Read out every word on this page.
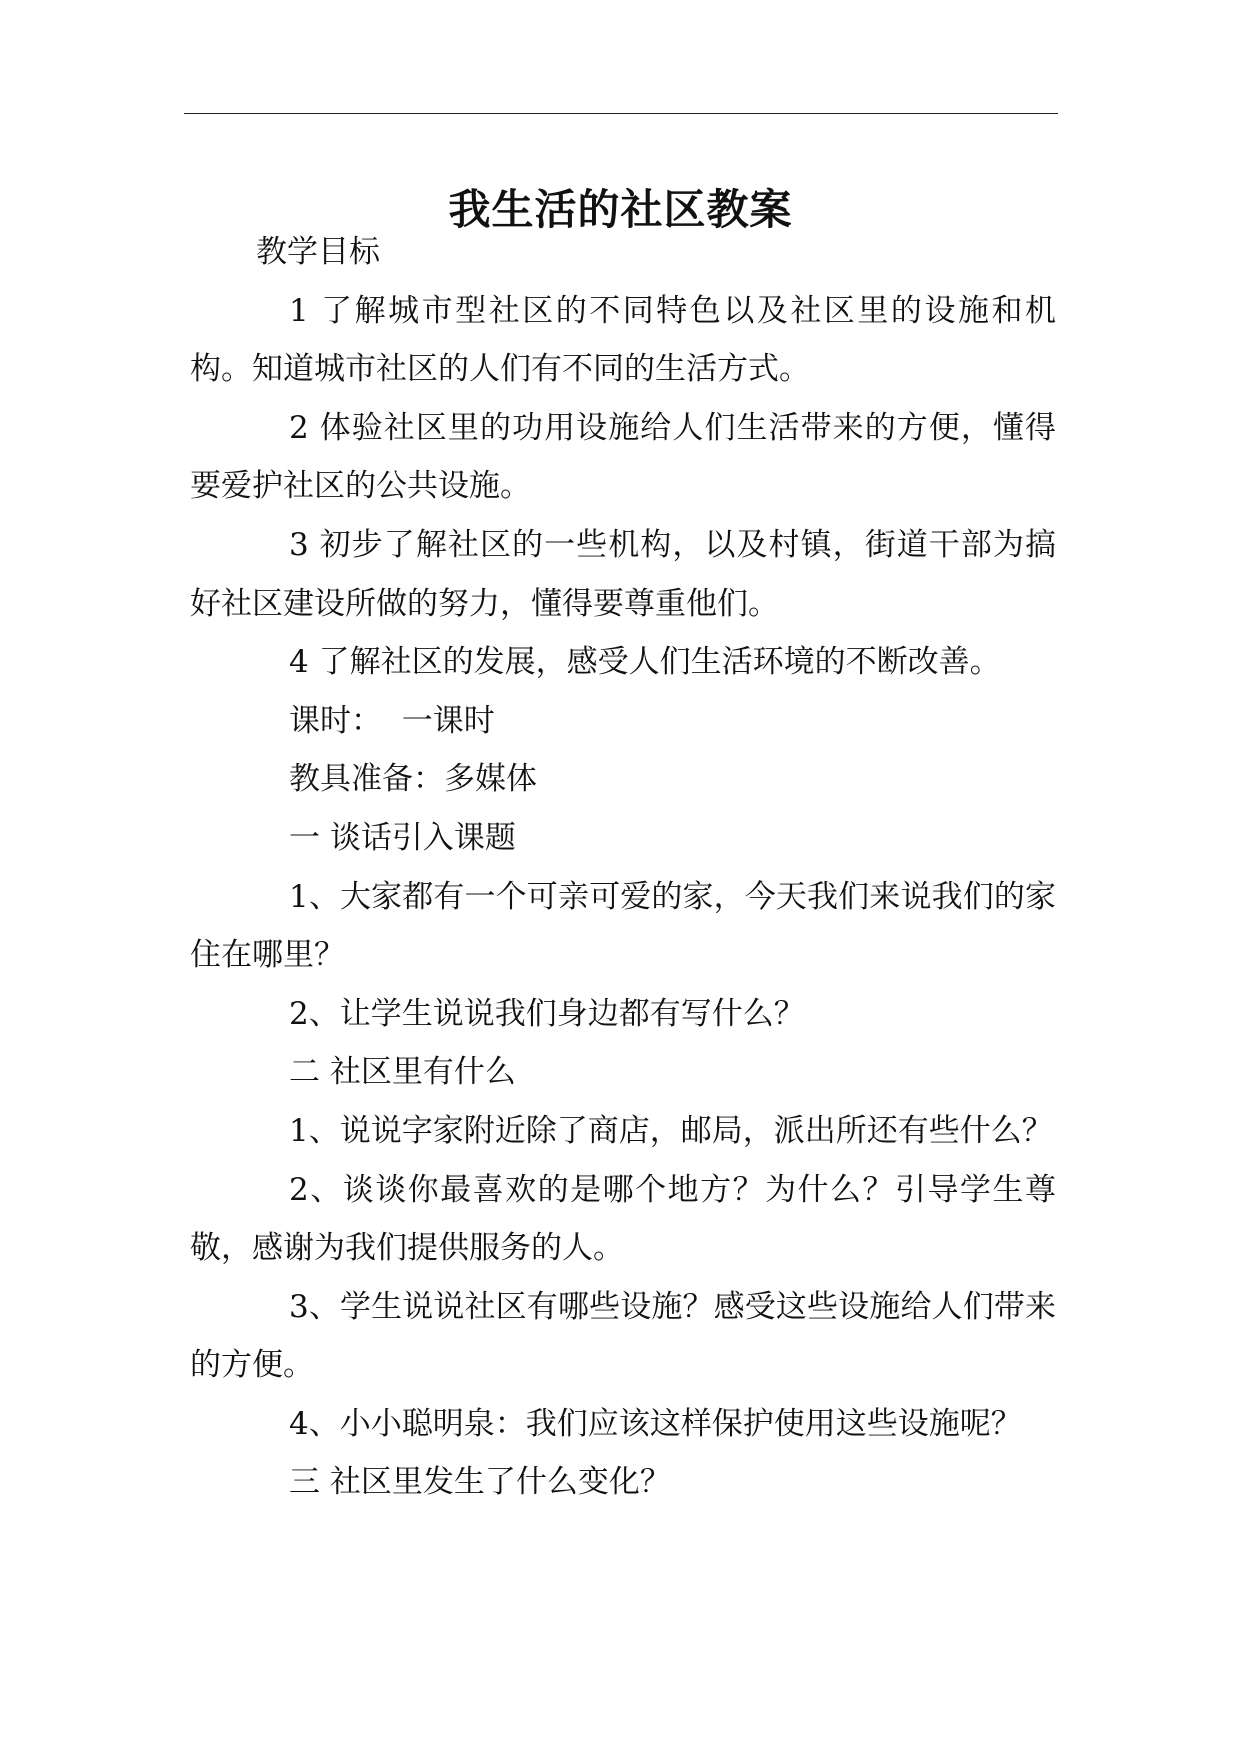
我生活的社区教案

教学目标

1 了解城市型社区的不同特色以及社区里的设施和机构。知道城市社区的人们有不同的生活方式。

2 体验社区里的功用设施给人们生活带来的方便，懂得要爱护社区的公共设施。

3 初步了解社区的一些机构，以及村镇，街道干部为搞好社区建设所做的努力，懂得要尊重他们。

4 了解社区的发展，感受人们生活环境的不断改善。

课时：  一课时

教具准备：多媒体

一 谈话引入课题

1、大家都有一个可亲可爱的家，今天我们来说我们的家住在哪里？

2、让学生说说我们身边都有写什么？

二 社区里有什么

1、说说字家附近除了商店，邮局，派出所还有些什么？

2、谈谈你最喜欢的是哪个地方？为什么？引导学生尊敬，感谢为我们提供服务的人。

3、学生说说社区有哪些设施？感受这些设施给人们带来的方便。

4、小小聪明泉：我们应该这样保护使用这些设施呢？

三 社区里发生了什么变化？
